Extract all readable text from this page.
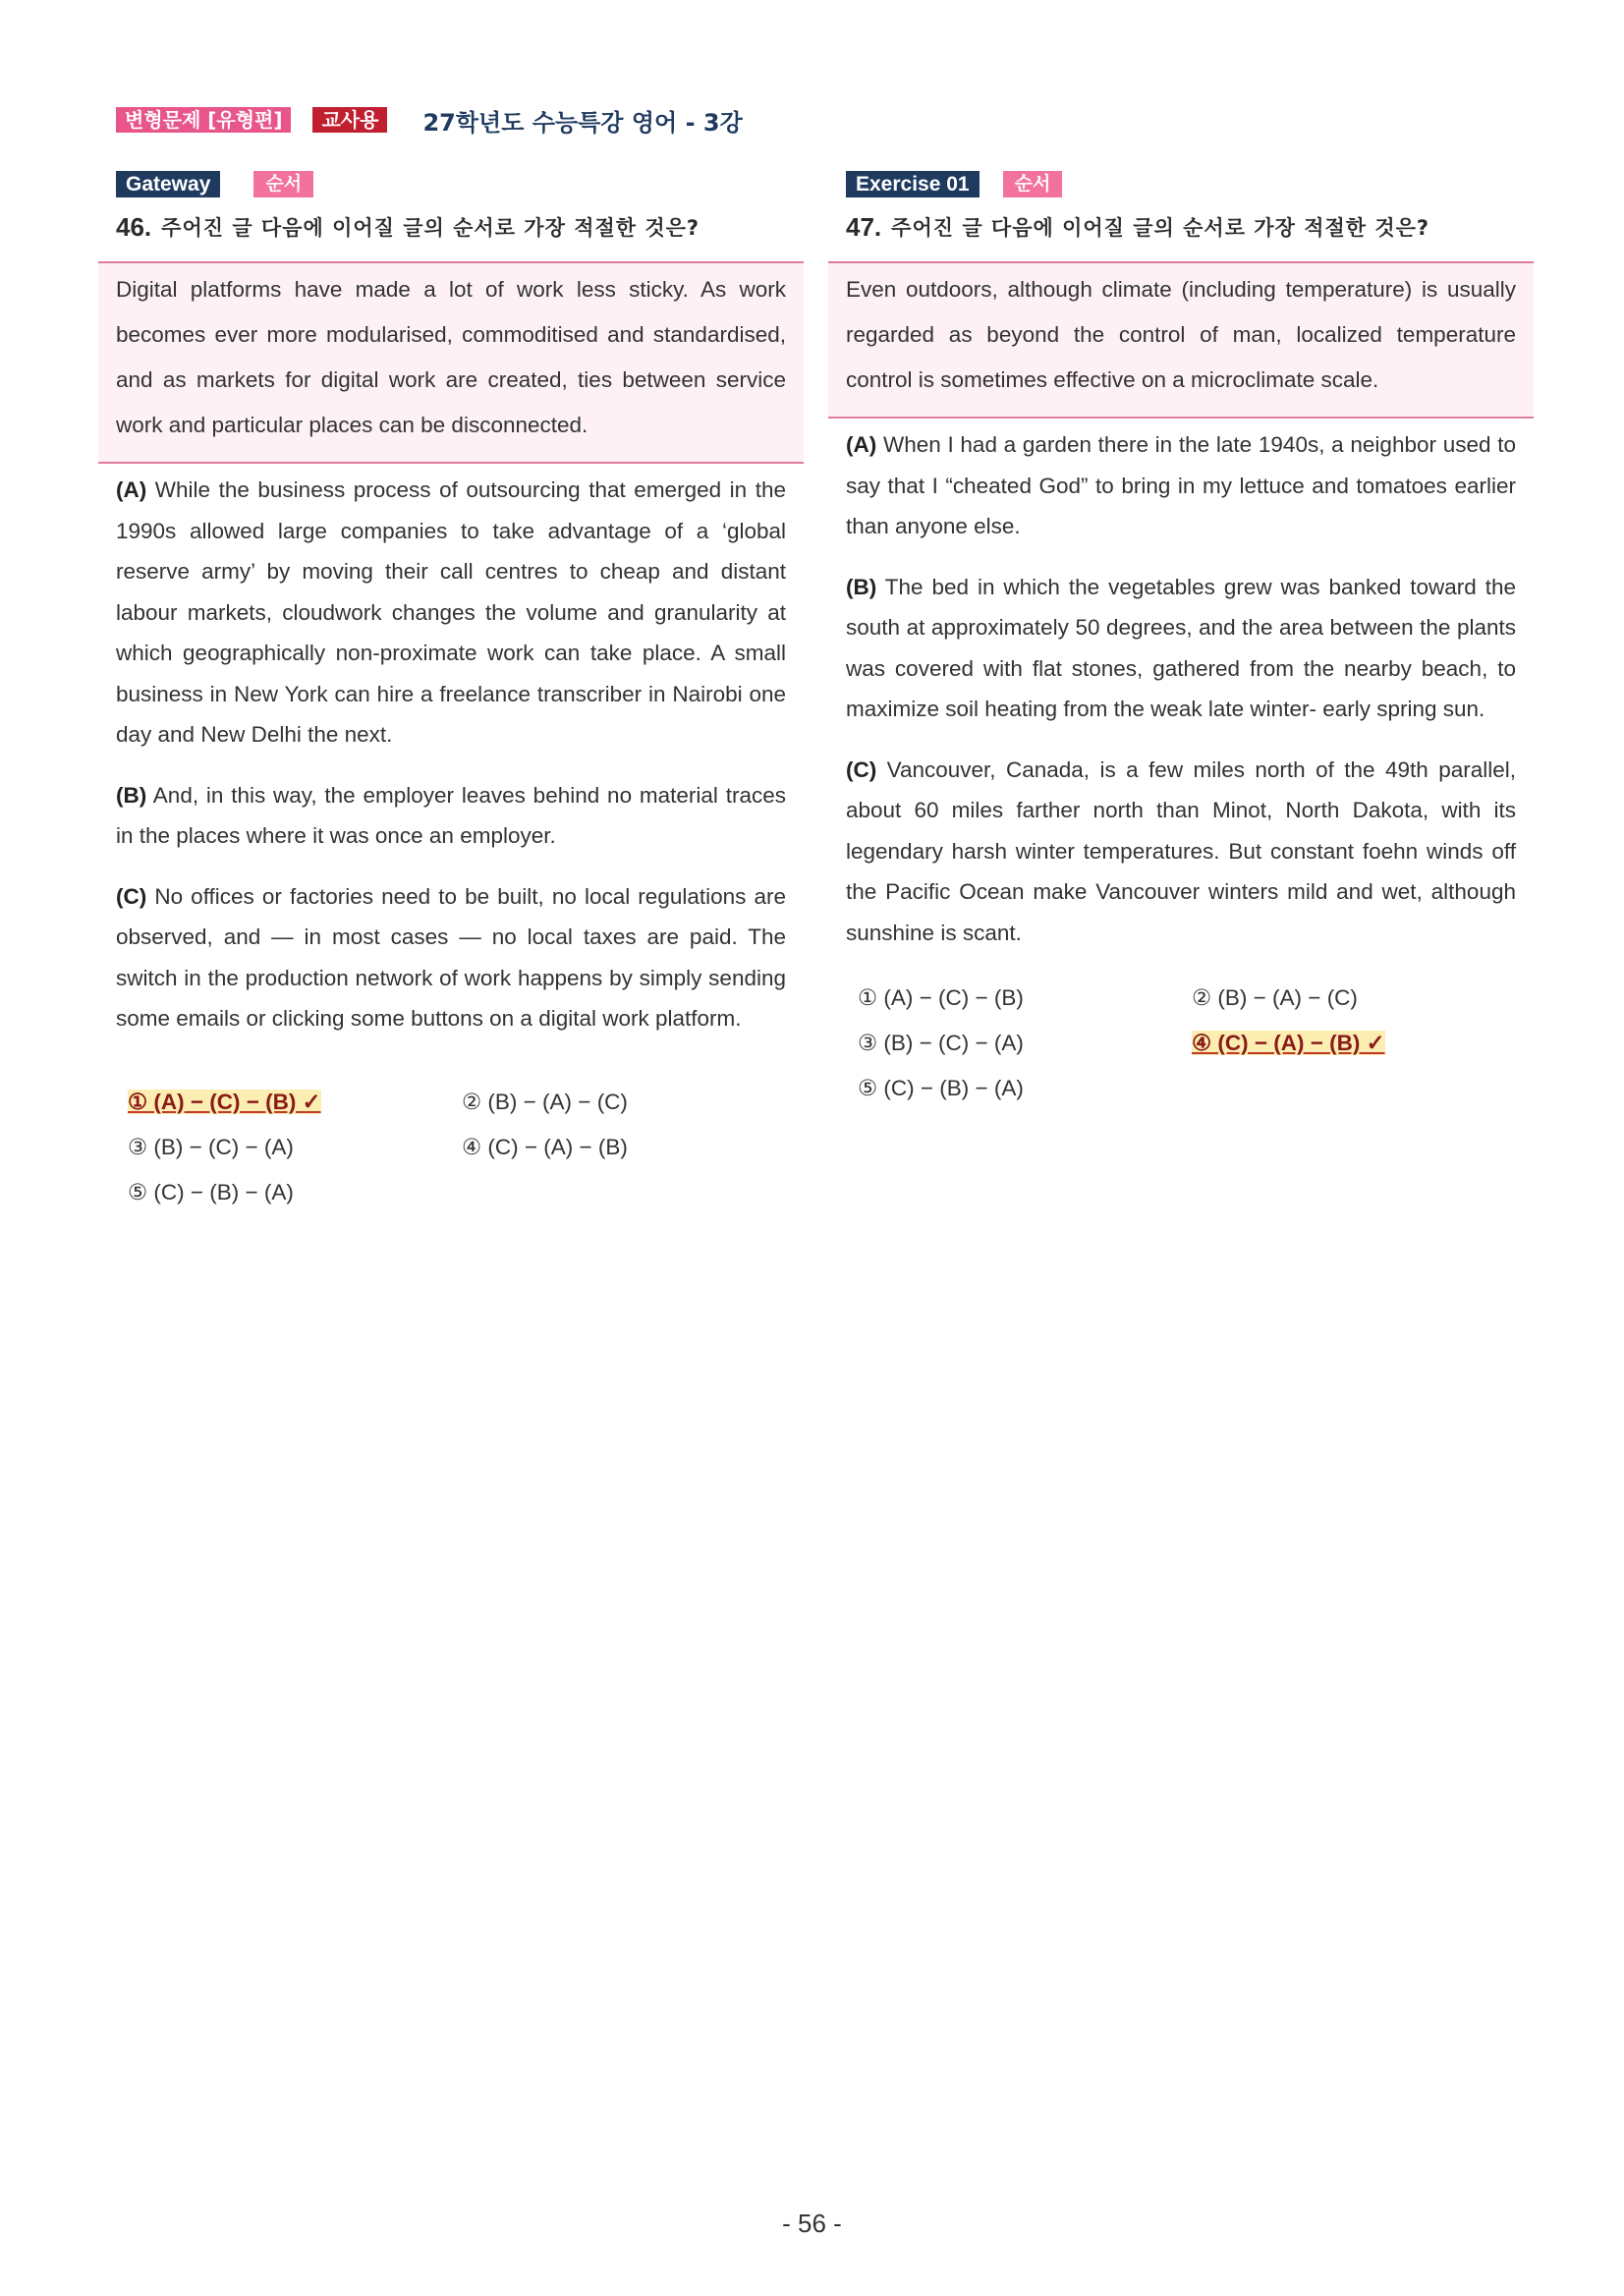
변형문제 [유형편]	교사용	27학년도 수능특강 영어 - 3강
Gateway	순서
46. 주어진 글 다음에 이어질 글의 순서로 가장 적절한 것은?
Digital platforms have made a lot of work less sticky. As work becomes ever more modularised, commoditised and standardised, and as markets for digital work are created, ties between service work and particular places can be disconnected.
(A) While the business process of outsourcing that emerged in the 1990s allowed large companies to take advantage of a ‘global reserve army’ by moving their call centres to cheap and distant labour markets, cloudwork changes the volume and granularity at which geographically non-proximate work can take place. A small business in New York can hire a freelance transcriber in Nairobi one day and New Delhi the next.
(B) And, in this way, the employer leaves behind no material traces in the places where it was once an employer.
(C) No offices or factories need to be built, no local regulations are observed, and — in most cases — no local taxes are paid. The switch in the production network of work happens by simply sending some emails or clicking some buttons on a digital work platform.
① (A) − (C) − (B) ✓	② (B) − (A) − (C)
③ (B) − (C) − (A)	④ (C) − (A) − (B)
⑤ (C) − (B) − (A)
Exercise 01	순서
47. 주어진 글 다음에 이어질 글의 순서로 가장 적절한 것은?
Even outdoors, although climate (including temperature) is usually regarded as beyond the control of man, localized temperature control is sometimes effective on a microclimate scale.
(A) When I had a garden there in the late 1940s, a neighbor used to say that I “cheated God” to bring in my lettuce and tomatoes earlier than anyone else.
(B) The bed in which the vegetables grew was banked toward the south at approximately 50 degrees, and the area between the plants was covered with flat stones, gathered from the nearby beach, to maximize soil heating from the weak late winter- early spring sun.
(C) Vancouver, Canada, is a few miles north of the 49th parallel, about 60 miles farther north than Minot, North Dakota, with its legendary harsh winter temperatures. But constant foehn winds off the Pacific Ocean make Vancouver winters mild and wet, although sunshine is scant.
① (A) − (C) − (B)	② (B) − (A) − (C)
③ (B) − (C) − (A)	④ (C) − (A) − (B) ✓
⑤ (C) − (B) − (A)
- 56 -
